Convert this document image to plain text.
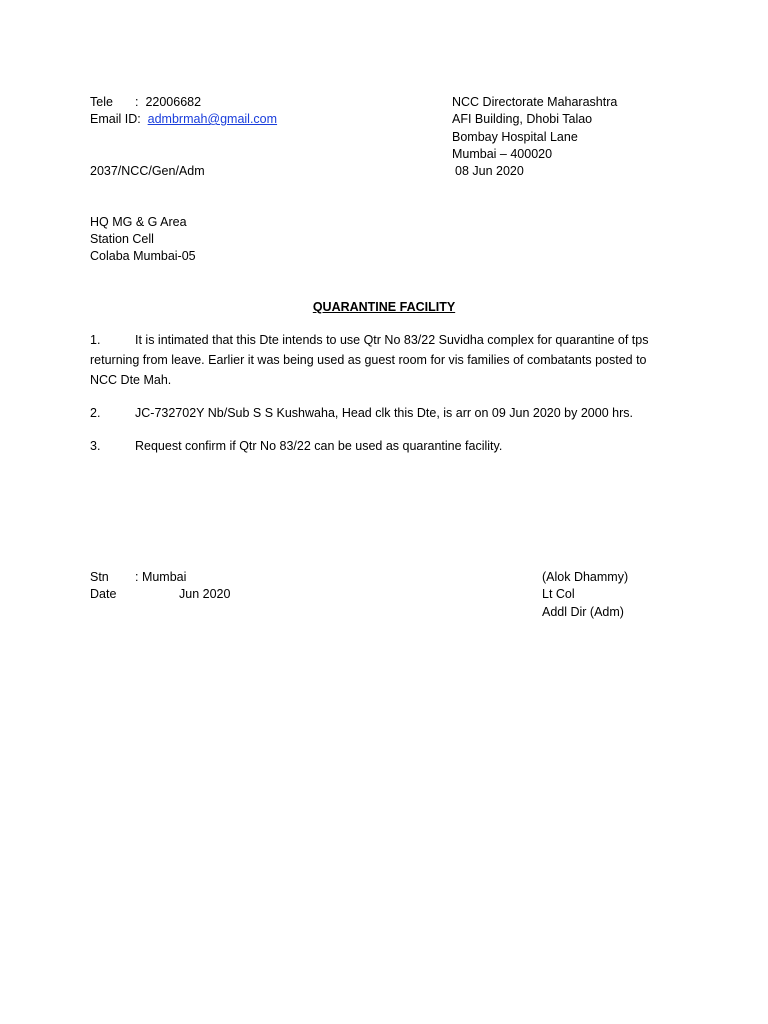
Tele : 22006682
Email ID: admbrmah@gmail.com
2037/NCC/Gen/Adm
NCC Directorate Maharashtra
AFI Building, Dhobi Talao
Bombay Hospital Lane
Mumbai – 400020
08 Jun 2020
HQ MG & G Area
Station Cell
Colaba Mumbai-05
QUARANTINE FACILITY
1.	It is intimated that this Dte intends to use Qtr No 83/22 Suvidha complex for quarantine of tps returning from leave. Earlier it was being used as guest room for vis families of combatants posted to NCC Dte Mah.
2.	JC-732702Y Nb/Sub S S Kushwaha, Head clk this Dte, is arr on 09 Jun 2020 by 2000 hrs.
3.	Request confirm if Qtr No 83/22 can be used as quarantine facility.
Stn : Mumbai
Date	Jun 2020
(Alok Dhammy)
Lt Col
Addl Dir (Adm)
